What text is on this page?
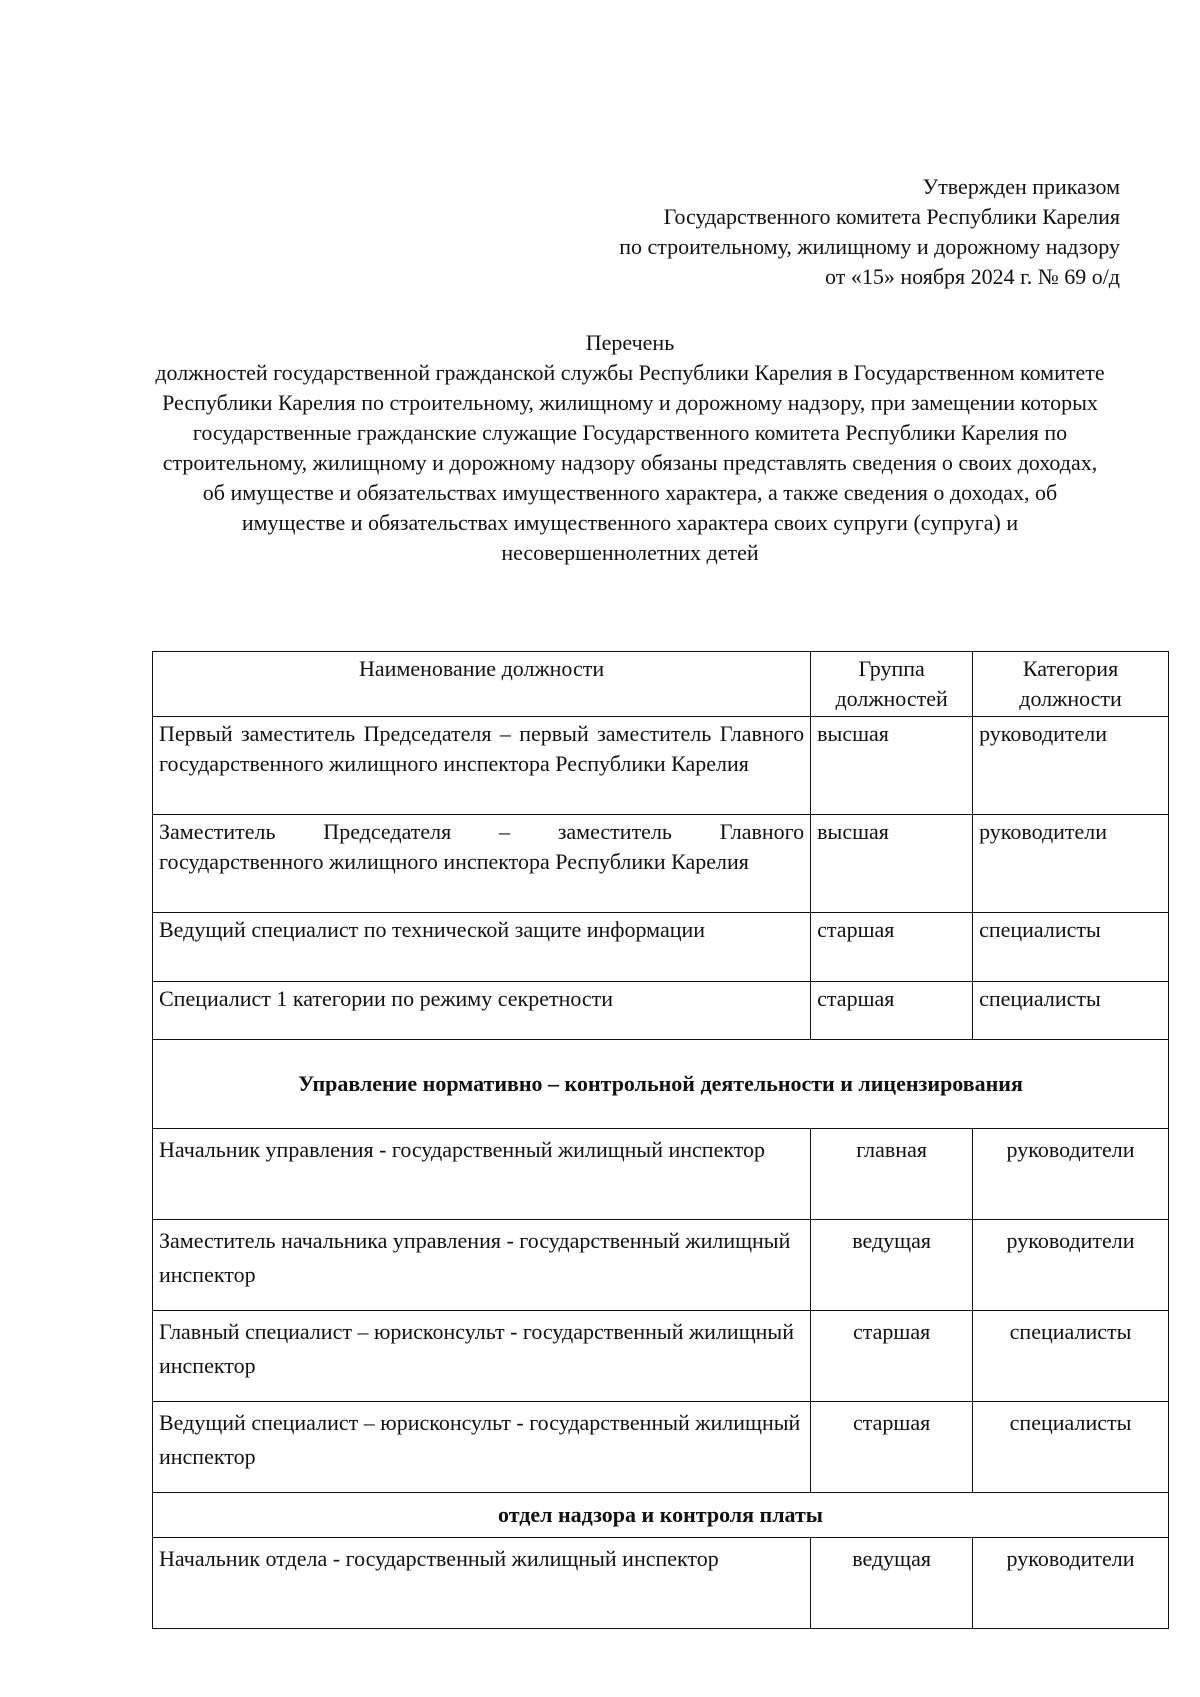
Утвержден приказом
Государственного комитета Республики Карелия
по строительному, жилищному и дорожному надзору
от «15» ноября 2024 г. № 69 о/д
Перечень
должностей государственной гражданской службы Республики Карелия в Государственном комитете Республики Карелия по строительному, жилищному и дорожному надзору, при замещении которых государственные гражданские служащие Государственного комитета Республики Карелия по строительному, жилищному и дорожному надзору обязаны представлять сведения о своих доходах, об имуществе и обязательствах имущественного характера, а также сведения о доходах, об имуществе и обязательствах имущественного характера своих супруги (супруга) и несовершеннолетних детей
Наименование должности	Группа должностей	Категория должности
Первый заместитель Председателя – первый заместитель Главного государственного жилищного инспектора Республики Карелия	высшая	руководители
Заместитель Председателя – заместитель Главного государственного жилищного инспектора Республики Карелия	высшая	руководители
Ведущий специалист по технической защите информации	старшая	специалисты
Специалист 1 категории по режиму секретности	старшая	специалисты
Управление нормативно – контрольной деятельности и лицензирования		
Начальник управления - государственный жилищный инспектор	главная	руководители
Заместитель начальника управления - государственный жилищный инспектор	ведущая	руководители
Главный специалист – юрисконсульт - государственный жилищный инспектор	старшая	специалисты
Ведущий специалист – юрисконсульт - государственный жилищный инспектор	старшая	специалисты
отдел надзора и контроля платы		
Начальник отдела - государственный жилищный инспектор	ведущая	руководители
